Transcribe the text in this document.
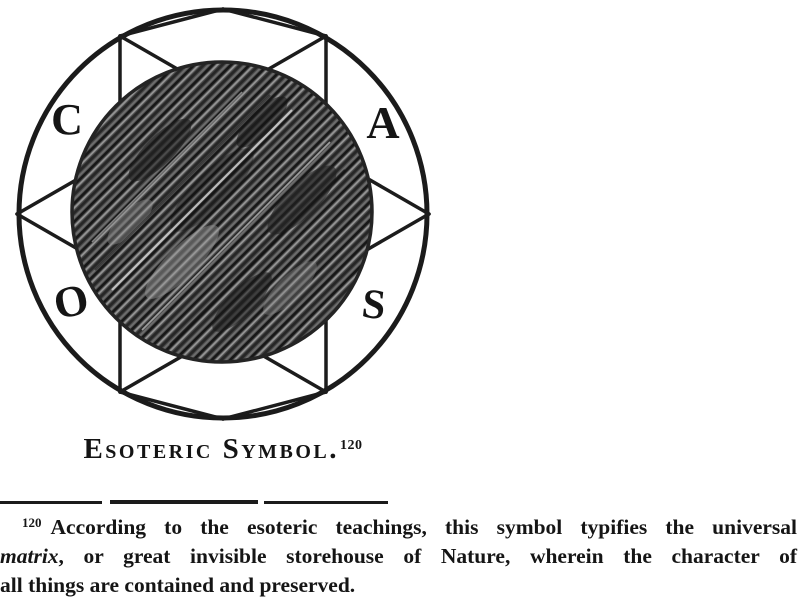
C	A
O	S
Esoteric Symbol.$^{120}$
$^{120}$ According to the esoteric teachings, this symbol typifies the universal
matrix, or great invisible storehouse of Nature, wherein the character of
all things are contained and preserved.
